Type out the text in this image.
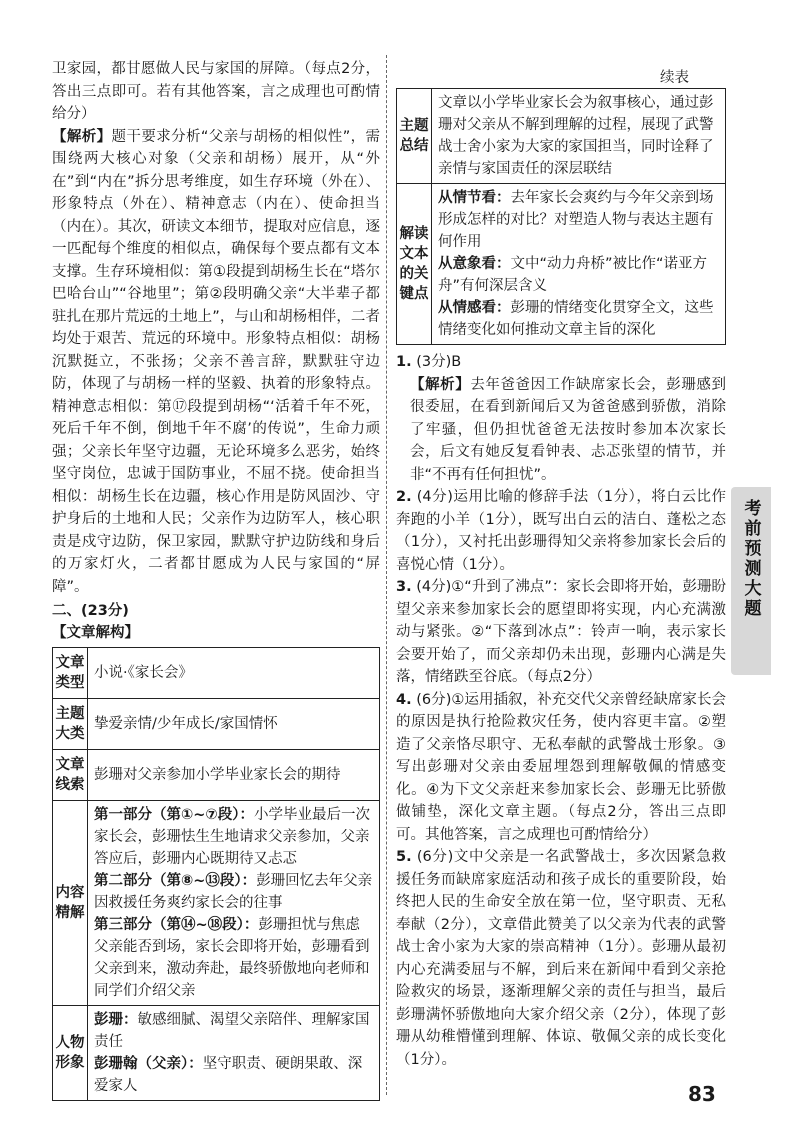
卫家园，都甘愿做人民与家国的屏障。（每点2分，答出三点即可。若有其他答案，言之成理也可酌情给分）

【解析】题干要求分析“父亲与胡杨的相似性”，需围绕两大核心对象（父亲和胡杨）展开，从“外在”到“内在”拆分思考维度，如生存环境（外在）、形象特点（外在）、精神意志（内在）、使命担当（内在）。其次，研读文本细节，提取对应信息，逐一匹配每个维度的相似点，确保每个要点都有文本支撑。生存环境相似：第①段提到胡杨生长在“塔尔巴哈台山”“谷地里”；第②段明确父亲“大半辈子都驻扎在那片荒远的土地上”，与山和胡杨相伴，二者均处于艰苦、荒远的环境中。形象特点相似：胡杨沉默挺立，不张扬；父亲不善言辞，默默驻守边防，体现了与胡杨一样的坚毅、执着的形象特点。精神意志相似：第⑰段提到胡杨“‘活着千年不死，死后千年不倒，倒地千年不腐’的传说”，生命力顽强；父亲长年坚守边疆，无论环境多么恶劣，始终坚守岗位，忠诚于国防事业，不屈不挠。使命担当相似：胡杨生长在边疆，核心作用是防风固沙、守护身后的土地和人民；父亲作为边防军人，核心职责是戍守边防，保卫家园，默默守护边防线和身后的万家灯火，二者都甘愿成为人民与家国的“屏障”。

二、(23分)

【文章解构】

文章类型	小说·《家长会》
主题大类	挚爱亲情/少年成长/家国情怀
文章线索	彭珊对父亲参加小学毕业家长会的期待
内容精解	第一部分（第①~⑦段）：小学毕业最后一次家长会，彭珊怯生生地请求父亲参加，父亲答应后，彭珊内心既期待又忐忑
第二部分（第⑧~⑬段）：彭珊回忆去年父亲因救援任务爽约家长会的往事
第三部分（第⑭~⑱段）：彭珊担忧与焦虑父亲能否到场，家长会即将开始，彭珊看到父亲到来，激动奔赴，最终骄傲地向老师和同学们介绍父亲

人物形象	彭珊：敏感细腻、渴望父亲陪伴、理解家国责任
彭珊翰（父亲）：坚守职责、硬朗果敢、深爱家人
续表
主题总结	文章以小学毕业家长会为叙事核心，通过彭珊对父亲从不解到理解的过程，展现了武警战士舍小家为大家的家国担当，同时诠释了亲情与家国责任的深层联结
解读文本的关键点	从情节看：去年家长会爽约与今年父亲到场形成怎样的对比？对塑造人物与表达主题有何作用
从意象看：文中“动力舟桥”被比作“诺亚方舟”有何深层含义
从情感看：彭珊的情绪变化贯穿全文，这些情绪变化如何推动文章主旨的深化

1. (3分)B

【解析】去年爸爸因工作缺席家长会，彭珊感到很委屈，在看到新闻后又为爸爸感到骄傲，消除了牢骚，但仍担忧爸爸无法按时参加本次家长会，后文有她反复看钟表、忐忑张望的情节，并非“不再有任何担忧”。

2. (4分)运用比喻的修辞手法（1分），将白云比作奔跑的小羊（1分），既写出白云的洁白、蓬松之态（1分），又衬托出彭珊得知父亲将参加家长会后的喜悦心情（1分）。

3. (4分)①“升到了沸点”：家长会即将开始，彭珊盼望父亲来参加家长会的愿望即将实现，内心充满激动与紧张。②“下落到冰点”：铃声一响，表示家长会要开始了，而父亲却仍未出现，彭珊内心满是失落，情绪跌至谷底。（每点2分）

4. (6分)①运用插叙，补充交代父亲曾经缺席家长会的原因是执行抢险救灾任务，使内容更丰富。②塑造了父亲恪尽职守、无私奉献的武警战士形象。③写出彭珊对父亲由委屈埋怨到理解敬佩的情感变化。④为下文父亲赶来参加家长会、彭珊无比骄傲做铺垫，深化文章主题。（每点2分，答出三点即可。其他答案，言之成理也可酌情给分）

5. (6分)文中父亲是一名武警战士，多次因紧急救援任务而缺席家庭活动和孩子成长的重要阶段，始终把人民的生命安全放在第一位，坚守职责、无私奉献（2分），文章借此赞美了以父亲为代表的武警战士舍小家为大家的崇高精神（1分）。彭珊从最初内心充满委屈与不解，到后来在新闻中看到父亲抢险救灾的场景，逐渐理解父亲的责任与担当，最后彭珊满怀骄傲地向大家介绍父亲（2分），体现了彭珊从幼稚懵懂到理解、体谅、敬佩父亲的成长变化（1分）。

考前预测大题
83
